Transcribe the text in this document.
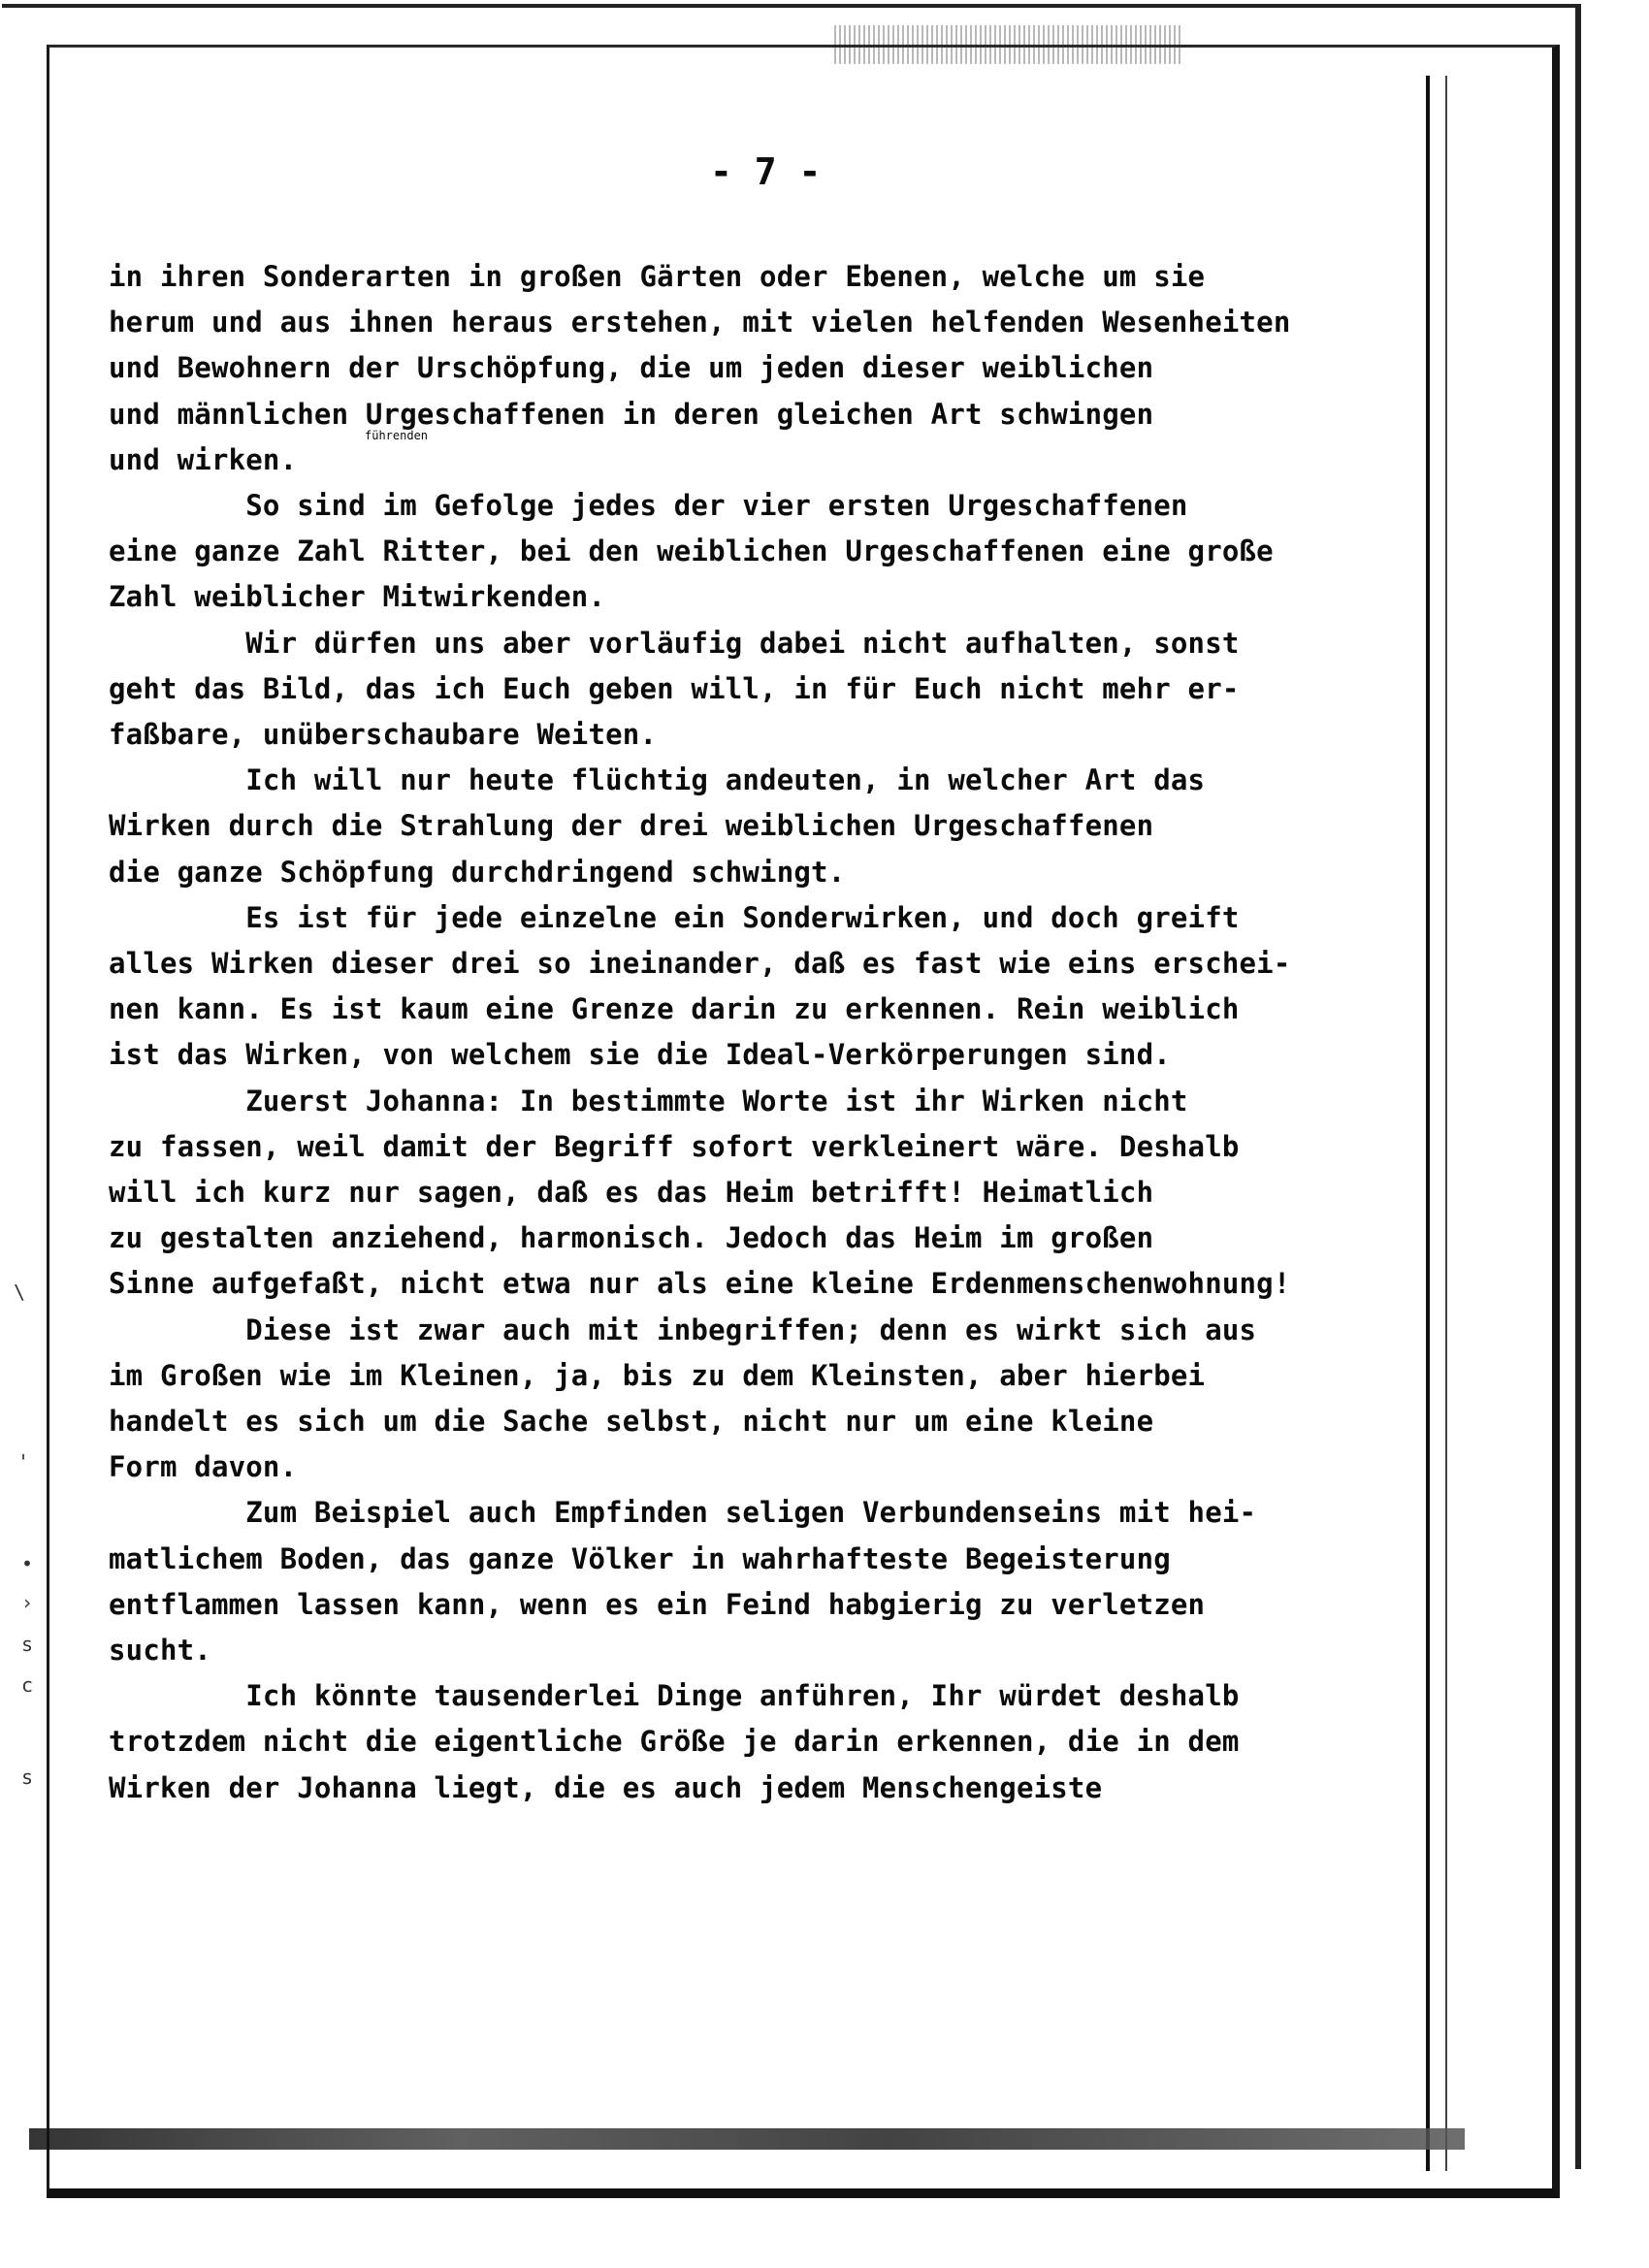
- 7 -
führenden
in ihren Sonderarten in großen Gärten oder Ebenen, welche um sie
herum und aus ihnen heraus erstehen, mit vielen helfenden Wesenheiten
und Bewohnern der Urschöpfung, die um jeden dieser weiblichen
und männlichen Urgeschaffenen in deren gleichen Art schwingen
und wirken.
So sind im Gefolge jedes der vier ersten Urgeschaffenen
eine ganze Zahl Ritter, bei den weiblichen Urgeschaffenen eine große
Zahl weiblicher Mitwirkenden.
Wir dürfen uns aber vorläufig dabei nicht aufhalten, sonst
geht das Bild, das ich Euch geben will, in für Euch nicht mehr er-
faßbare, unüberschaubare Weiten.
Ich will nur heute flüchtig andeuten, in welcher Art das
Wirken durch die Strahlung der drei weiblichen Urgeschaffenen
die ganze Schöpfung durchdringend schwingt.
Es ist für jede einzelne ein Sonderwirken, und doch greift
alles Wirken dieser drei so ineinander, daß es fast wie eins erschei-
nen kann. Es ist kaum eine Grenze darin zu erkennen. Rein weiblich
ist das Wirken, von welchem sie die Ideal-Verkörperungen sind.
Zuerst Johanna: In bestimmte Worte ist ihr Wirken nicht
zu fassen, weil damit der Begriff sofort verkleinert wäre. Deshalb
will ich kurz nur sagen, daß es das Heim betrifft! Heimatlich
zu gestalten anziehend, harmonisch. Jedoch das Heim im großen
Sinne aufgefaßt, nicht etwa nur als eine kleine Erdenmenschenwohnung!
Diese ist zwar auch mit inbegriffen; denn es wirkt sich aus
im Großen wie im Kleinen, ja, bis zu dem Kleinsten, aber hierbei
handelt es sich um die Sache selbst, nicht nur um eine kleine
Form davon.
Zum Beispiel auch Empfinden seligen Verbundenseins mit hei-
matlichem Boden, das ganze Völker in wahrhafteste Begeisterung
entflammen lassen kann, wenn es ein Feind habgierig zu verletzen
sucht.
Ich könnte tausenderlei Dinge anführen, Ihr würdet deshalb
trotzdem nicht die eigentliche Größe je darin erkennen, die in dem
Wirken der Johanna liegt, die es auch jedem Menschengeiste
\
'
•
›
s
c
s
